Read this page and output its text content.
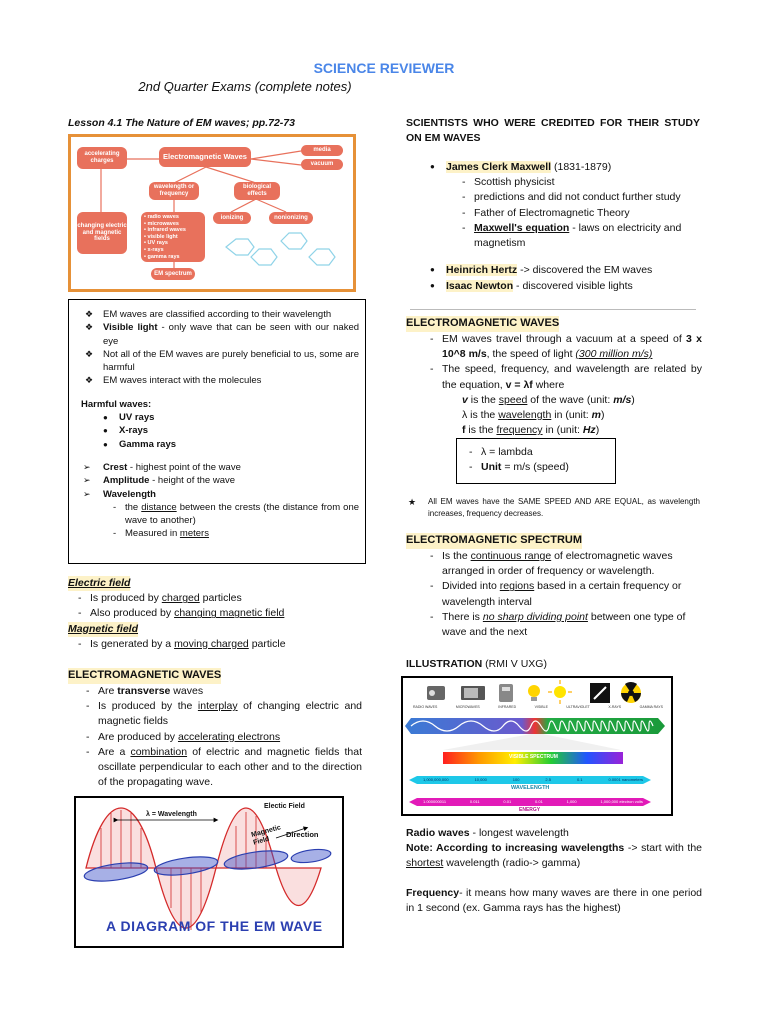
SCIENCE REVIEWER
2nd Quarter Exams (complete notes)
Lesson 4.1 The Nature of EM waves; pp.72-73
accelerating charges
Electromagnetic Waves
media
vacuum
wavelength or frequency
biological effects
changing electric and magnetic fields
• radio waves
• microwaves
• infrared waves
• visible light
• UV rays
• x-rays
• gamma rays
ionizing	nonionizing
EM spectrum
❖ EM waves are classified according to their wavelength
❖ Visible light - only wave that can be seen with our naked eye
❖ Not all of the EM waves are purely beneficial to us, some are harmful
❖ EM waves interact with the molecules
Harmful waves:
● UV rays
● X-rays
● Gamma rays
➢ Crest - highest point of the wave
➢ Amplitude - height of the wave
➢ Wavelength
- the distance between the crests (the distance from one wave to another)
- Measured in meters
Electric field
- Is produced by charged particles
- Also produced by changing magnetic field
Magnetic field
- Is generated by a moving charged particle
ELECTROMAGNETIC WAVES
- Are transverse waves
- Is produced by the interplay of changing electric and magnetic fields
- Are produced by accelerating electrons
- Are a combination of electric and magnetic fields that oscillate perpendicular to each other and to the direction of the propagating wave.
λ = Wavelength
Electic Field
Magnetic Field
Direction
A DIAGRAM OF THE EM WAVE
SCIENTISTS WHO WERE CREDITED FOR THEIR STUDY ON EM WAVES
● James Clerk Maxwell (1831-1879)
- Scottish physicist
- predictions and did not conduct further study
- Father of Electromagnetic Theory
- Maxwell's equation - laws on electricity and magnetism
● Heinrich Hertz -> discovered the EM waves
● Isaac Newton - discovered visible lights
ELECTROMAGNETIC WAVES
- EM waves travel through a vacuum at a speed of 3 x 10^8 m/s, the speed of light (300 million m/s)
- The speed, frequency, and wavelength are related by the equation, v = λf where
v is the speed of the wave (unit: m/s)
λ is the wavelength in (unit: m)
f is the frequency in (unit: Hz)
- λ = lambda
- Unit = m/s (speed)
★ All EM waves have the SAME SPEED AND ARE EQUAL, as wavelength increases, frequency decreases.
ELECTROMAGNETIC SPECTRUM
- Is the continuous range of electromagnetic waves arranged in order of frequency or wavelength.
- Divided into regions based in a certain frequency or wavelength interval
- There is no sharp dividing point between one type of wave and the next
ILLUSTRATION (RMI V UXG)
VISIBLE SPECTRUM
WAVELENGTH
ENERGY
RADIO WAVES	MICROWAVES	INFRARED	VISIBLE	ULTRAVIOLET	X-RAYS	GAMMA RAYS
1,000,000,000	10,000	100	2.5	0.1	0.0001 nanometers
1.000000011	0.011	0.01	0.01	1,000	1,000,000 electron volts
Radio waves - longest wavelength
Note: According to increasing wavelengths -> start with the shortest wavelength (radio-> gamma)
Frequency- it means how many waves are there in one period in 1 second (ex. Gamma rays has the highest)
